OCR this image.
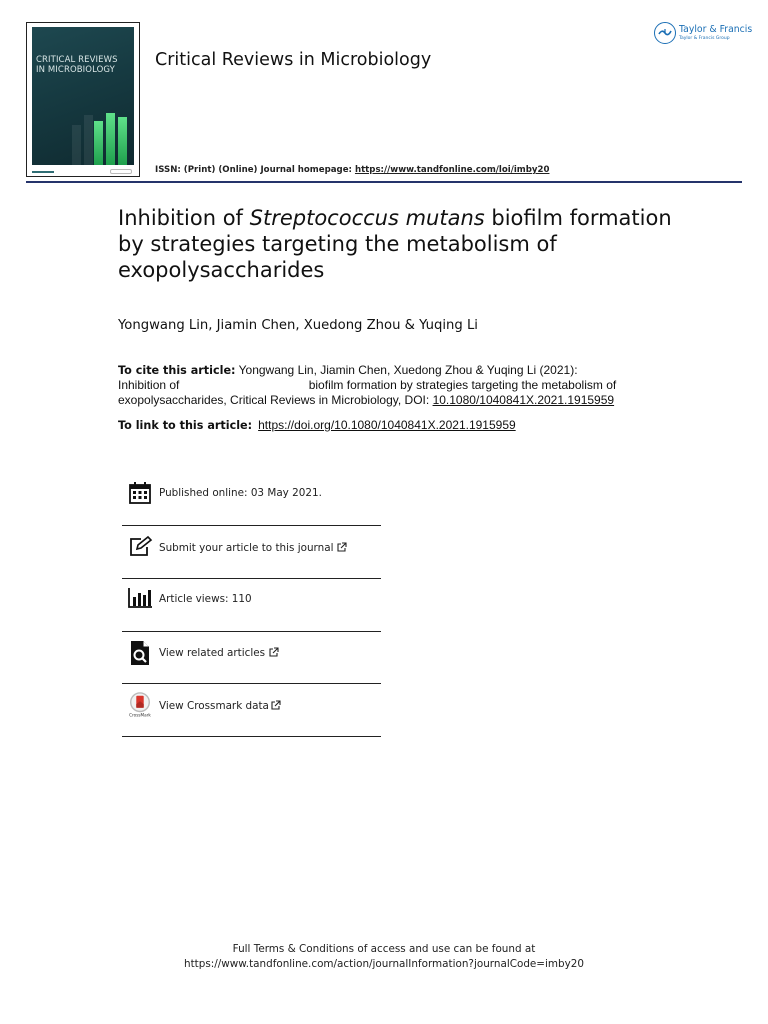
CRITICAL REVIEWS
IN MICROBIOLOGY Critical Reviews in Microbiology
ISSN: (Print) (Online) Journal homepage: https://www.tandfonline.com/loi/imby20
Taylor & Francis
Taylor & Francis Group
Inhibition of Streptococcus mutans biofilm formation by strategies targeting the metabolism of exopolysaccharides
Yongwang Lin, Jiamin Chen, Xuedong Zhou & Yuqing Li
To cite this article: Yongwang Lin, Jiamin Chen, Xuedong Zhou & Yuqing Li (2021):
Inhibition of	biofilm formation by strategies targeting the metabolism of
exopolysaccharides, Critical Reviews in Microbiology, DOI: 10.1080/1040841X.2021.1915959
To link to this article: https://doi.org/10.1080/1040841X.2021.1915959
Published online: 03 May 2021.
Submit your article to this journal
Article views: 110
View related articles
CrossMark
View Crossmark data
Full Terms & Conditions of access and use can be found at
https://www.tandfonline.com/action/journalInformation?journalCode=imby20
